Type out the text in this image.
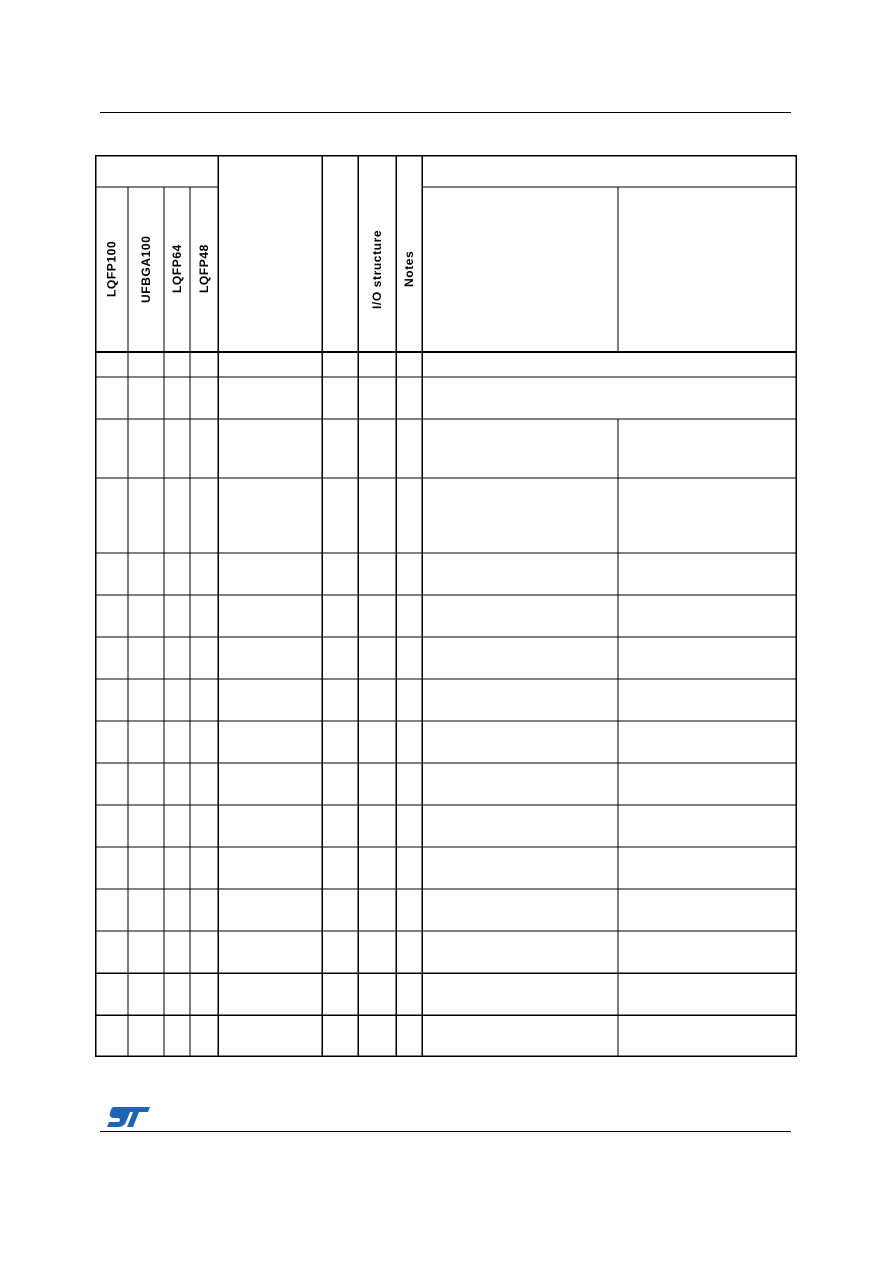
LQFP100	UFBGA100	LQFP64	LQFP48	I/O structure	Notes
